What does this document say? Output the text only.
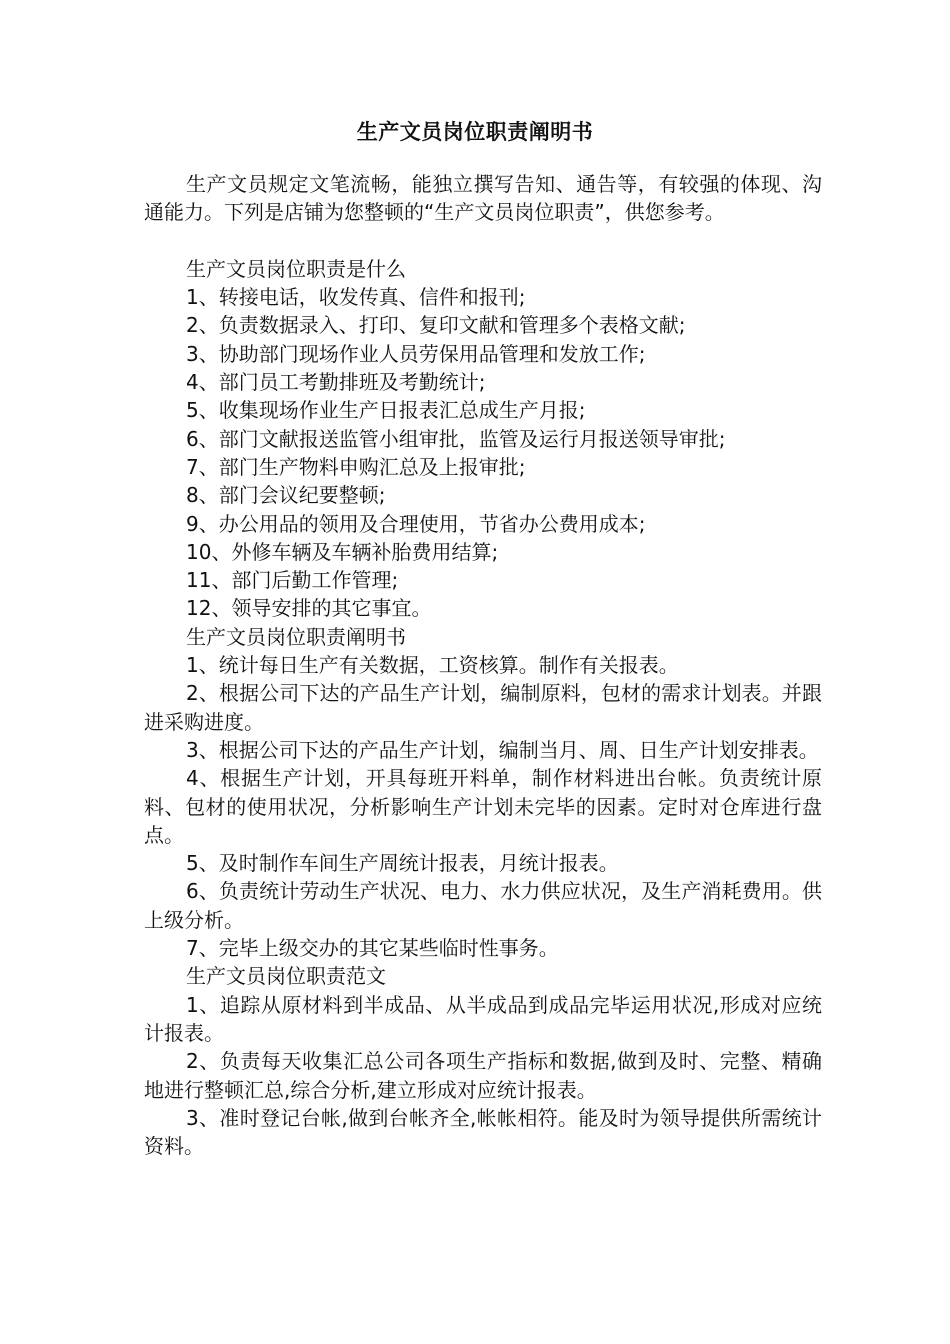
生产文员岗位职责阐明书

生产文员规定文笔流畅，能独立撰写告知、通告等，有较强的体现、沟通能力。下列是店铺为您整顿的“生产文员岗位职责”，供您参考。

生产文员岗位职责是什么

1、转接电话，收发传真、信件和报刊;

2、负责数据录入、打印、复印文献和管理多个表格文献;

3、协助部门现场作业人员劳保用品管理和发放工作;

4、部门员工考勤排班及考勤统计;

5、收集现场作业生产日报表汇总成生产月报;

6、部门文献报送监管小组审批，监管及运行月报送领导审批;

7、部门生产物料申购汇总及上报审批;

8、部门会议纪要整顿;

9、办公用品的领用及合理使用，节省办公费用成本;

10、外修车辆及车辆补胎费用结算;

11、部门后勤工作管理;

12、领导安排的其它事宜。

生产文员岗位职责阐明书

1、统计每日生产有关数据，工资核算。制作有关报表。

2、根据公司下达的产品生产计划，编制原料，包材的需求计划表。并跟进采购进度。

3、根据公司下达的产品生产计划，编制当月、周、日生产计划安排表。

4、根据生产计划，开具每班开料单，制作材料进出台帐。负责统计原料、包材的使用状况，分析影响生产计划未完毕的因素。定时对仓库进行盘点。

5、及时制作车间生产周统计报表，月统计报表。

6、负责统计劳动生产状况、电力、水力供应状况，及生产消耗费用。供上级分析。

7、完毕上级交办的其它某些临时性事务。

生产文员岗位职责范文

1、追踪从原材料到半成品、从半成品到成品完毕运用状况,形成对应统计报表。

2、负责每天收集汇总公司各项生产指标和数据,做到及时、完整、精确地进行整顿汇总,综合分析,建立形成对应统计报表。

3、准时登记台帐,做到台帐齐全,帐帐相符。能及时为领导提供所需统计资料。
